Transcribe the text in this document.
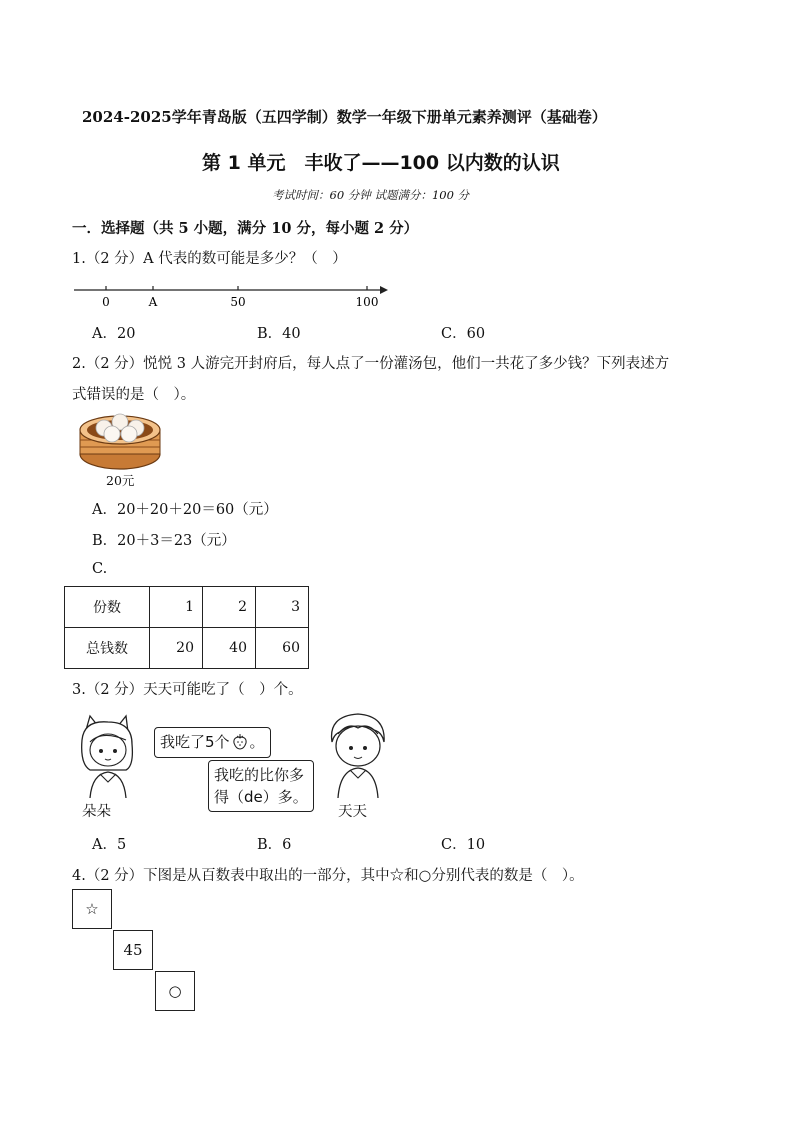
2024-2025学年青岛版（五四学制）数学一年级下册单元素养测评（基础卷）
第 1 单元　丰收了——100 以内数的认识
考试时间：60 分钟 试题满分：100 分
一．选择题（共 5 小题，满分 10 分，每小题 2 分）
1.（2 分）A 代表的数可能是多少？（　）
0	A	50	100
A．20	B．40	C．60
2.（2 分）悦悦 3 人游完开封府后，每人点了一份灌汤包，他们一共花了多少钱？下列表述方
式错误的是（　）。
20元
A．20＋20＋20＝60（元）
B．20＋3＝23（元）
C.
份数	1	2	3
总钱数	20	40	60
3.（2 分）天天可能吃了（　）个。
朵朵
我吃了5个 。
我吃的比你多
得（de）多。
天天
A．5	B．6	C．10
4.（2 分）下图是从百数表中取出的一部分，其中☆和○分别代表的数是（　）。
☆
45
○
